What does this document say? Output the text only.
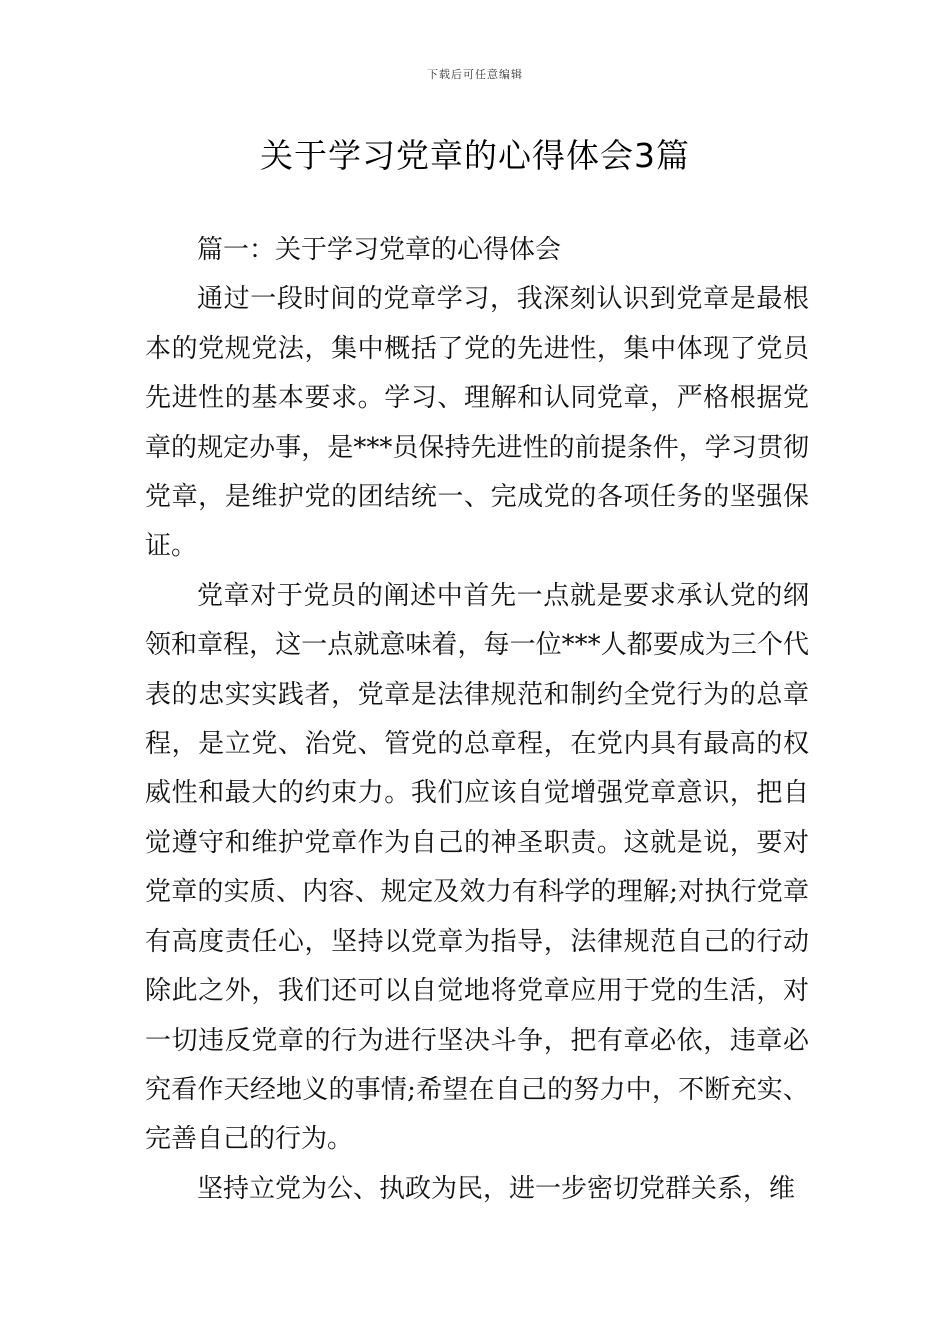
下载后可任意编辑
关于学习党章的心得体会3篇

篇一：关于学习党章的心得体会

通过一段时间的党章学习，我深刻认识到党章是最根本的党规党法，集中概括了党的先进性，集中体现了党员先进性的基本要求。学习、理解和认同党章，严格根据党章的规定办事，是***员保持先进性的前提条件，学习贯彻党章，是维护党的团结统一、完成党的各项任务的坚强保证。

党章对于党员的阐述中首先一点就是要求承认党的纲领和章程，这一点就意味着，每一位***人都要成为三个代表的忠实实践者，党章是法律规范和制约全党行为的总章程，是立党、治党、管党的总章程，在党内具有最高的权威性和最大的约束力。我们应该自觉增强党章意识，把自觉遵守和维护党章作为自己的神圣职责。这就是说，要对党章的实质、内容、规定及效力有科学的理解;对执行党章有高度责任心，坚持以党章为指导，法律规范自己的行动除此之外，我们还可以自觉地将党章应用于党的生活，对一切违反党章的行为进行坚决斗争，把有章必依，违章必究看作天经地义的事情;希望在自己的努力中，不断充实、完善自己的行为。

坚持立党为公、执政为民，进一步密切党群关系，维
